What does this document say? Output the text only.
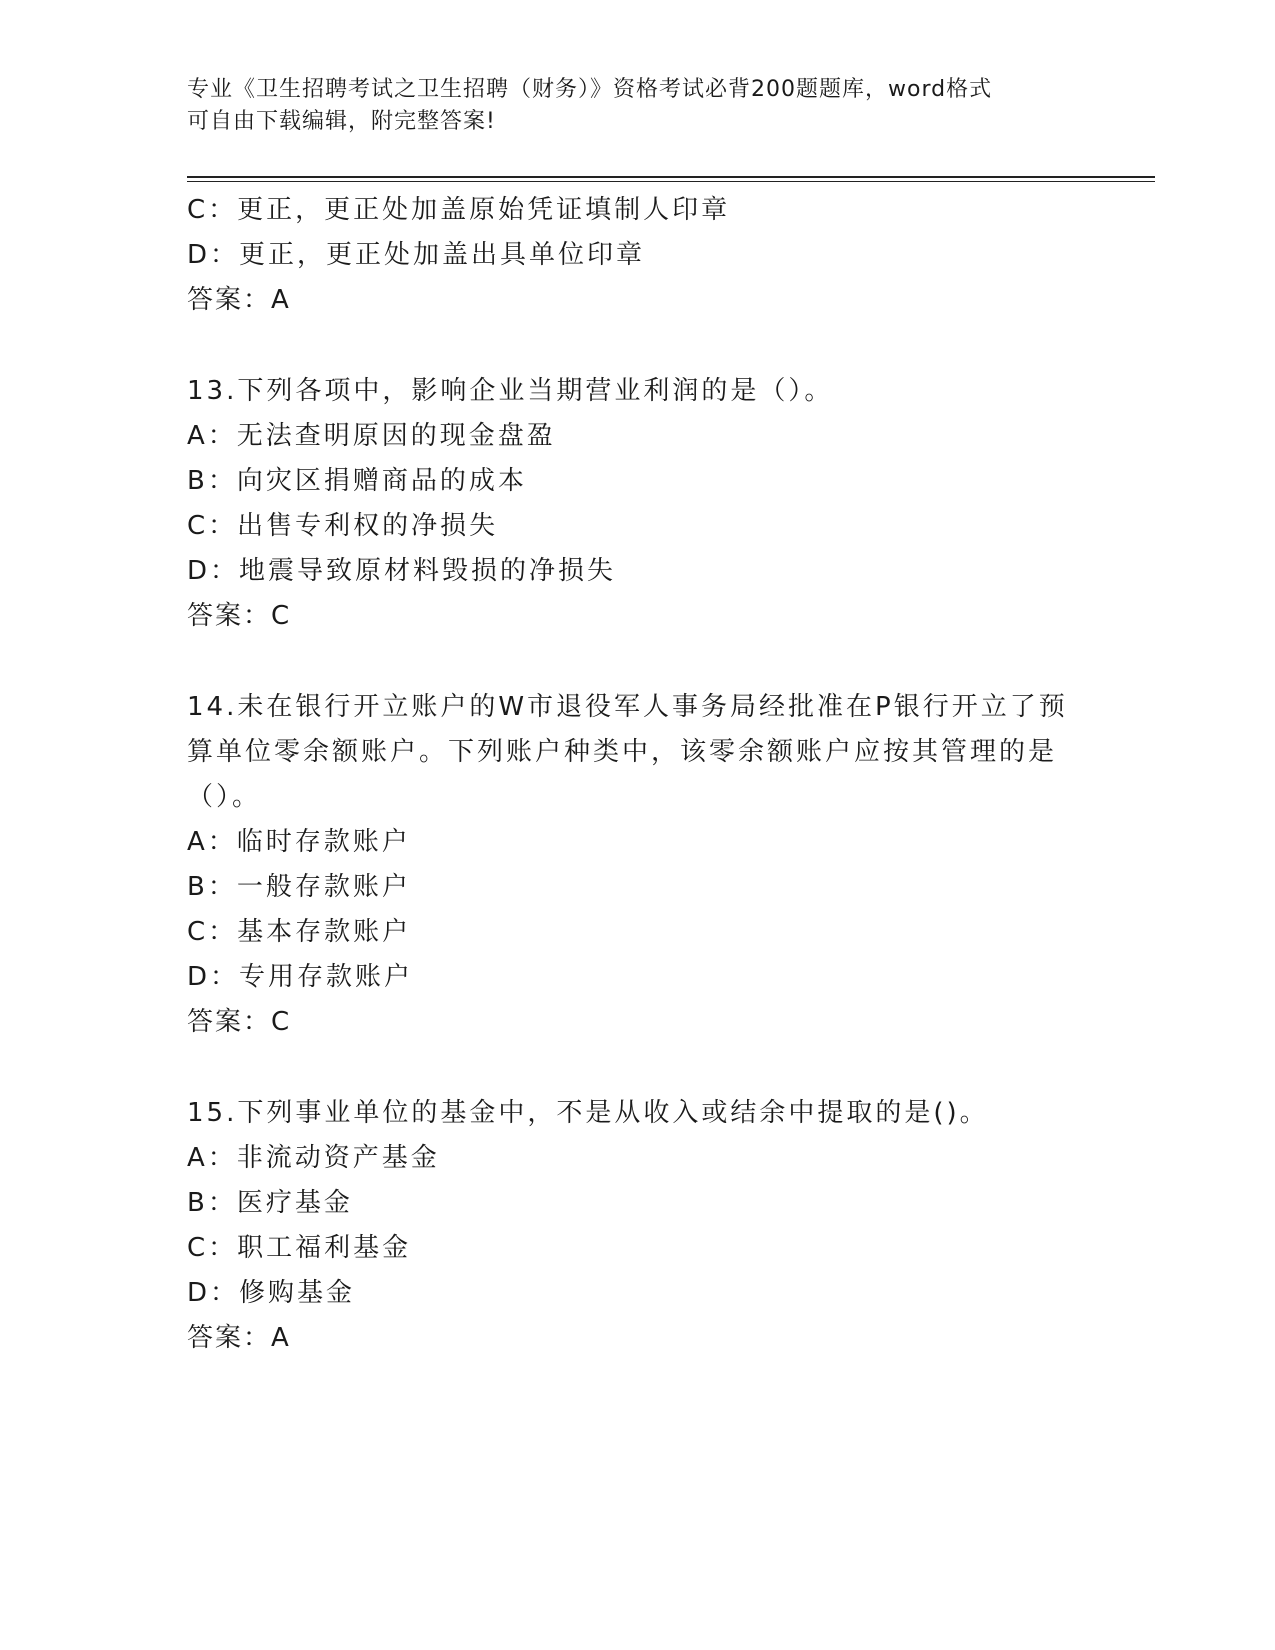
专业《卫生招聘考试之卫生招聘（财务）》资格考试必背200题题库，word格式
可自由下载编辑，附完整答案!
C：更正，更正处加盖原始凭证填制人印章
D：更正，更正处加盖出具单位印章
答案：A
13.下列各项中，影响企业当期营业利润的是（）。
A：无法查明原因的现金盘盈
B：向灾区捐赠商品的成本
C：出售专利权的净损失
D：地震导致原材料毁损的净损失
答案：C
14.未在银行开立账户的W市退役军人事务局经批准在P银行开立了预
算单位零余额账户。下列账户种类中，该零余额账户应按其管理的是
（）。
A：临时存款账户
B：一般存款账户
C：基本存款账户
D：专用存款账户
答案：C
15.下列事业单位的基金中，不是从收入或结余中提取的是()。
A：非流动资产基金
B：医疗基金
C：职工福利基金
D：修购基金
答案：A
